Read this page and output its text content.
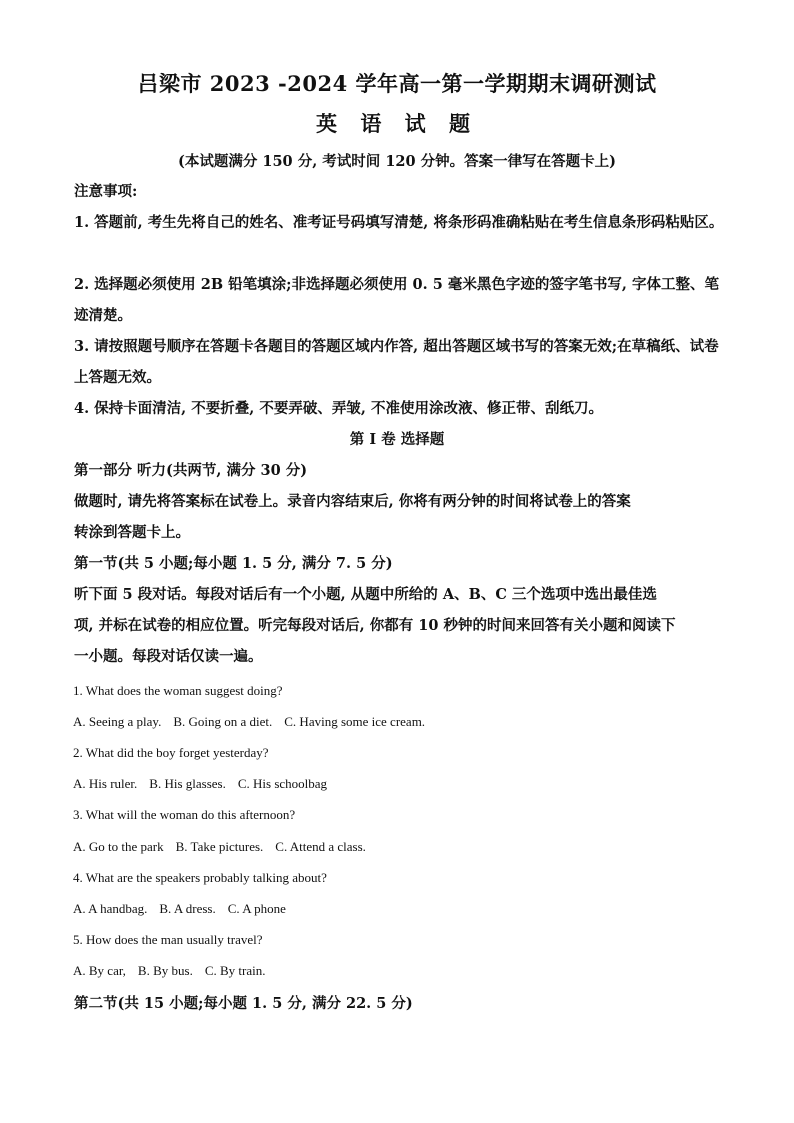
吕梁市 2023 -2024 学年高一第一学期期末调研测试
英 语 试 题
(本试题满分 150 分, 考试时间 120 分钟。答案一律写在答题卡上)
注意事项:
1. 答题前, 考生先将自己的姓名、准考证号码填写清楚, 将条形码准确粘贴在考生信息条形码粘贴区。
2. 选择题必须使用 2B 铅笔填涂;非选择题必须使用 0. 5 毫米黑色字迹的签字笔书写, 字体工整、笔迹清楚。
3. 请按照题号顺序在答题卡各题目的答题区域内作答, 超出答题区域书写的答案无效;在草稿纸、试卷上答题无效。
4. 保持卡面清洁, 不要折叠, 不要弄破、弄皱, 不准使用涂改液、修正带、刮纸刀。
第 I 卷 选择题
第一部分 听力(共两节, 满分 30 分)
做题时, 请先将答案标在试卷上。录音内容结束后, 你将有两分钟的时间将试卷上的答案
转涂到答题卡上。
第一节(共 5 小题;每小题 1. 5 分, 满分 7. 5 分)
听下面 5 段对话。每段对话后有一个小题, 从题中所给的 A、B、C 三个选项中选出最佳选
项, 并标在试卷的相应位置。听完每段对话后, 你都有 10 秒钟的时间来回答有关小题和阅读下
一小题。每段对话仅读一遍。
1. What does the woman suggest doing?
A. Seeing a play. B. Going on a diet. C. Having some ice cream.
2. What did the boy forget yesterday?
A. His ruler. B. His glasses. C. His schoolbag
3. What will the woman do this afternoon?
A. Go to the park B. Take pictures. C. Attend a class.
4. What are the speakers probably talking about?
A. A handbag. B. A dress. C. A phone
5. How does the man usually travel?
A. By car, B. By bus. C. By train.
第二节(共 15 小题;每小题 1. 5 分, 满分 22. 5 分)
